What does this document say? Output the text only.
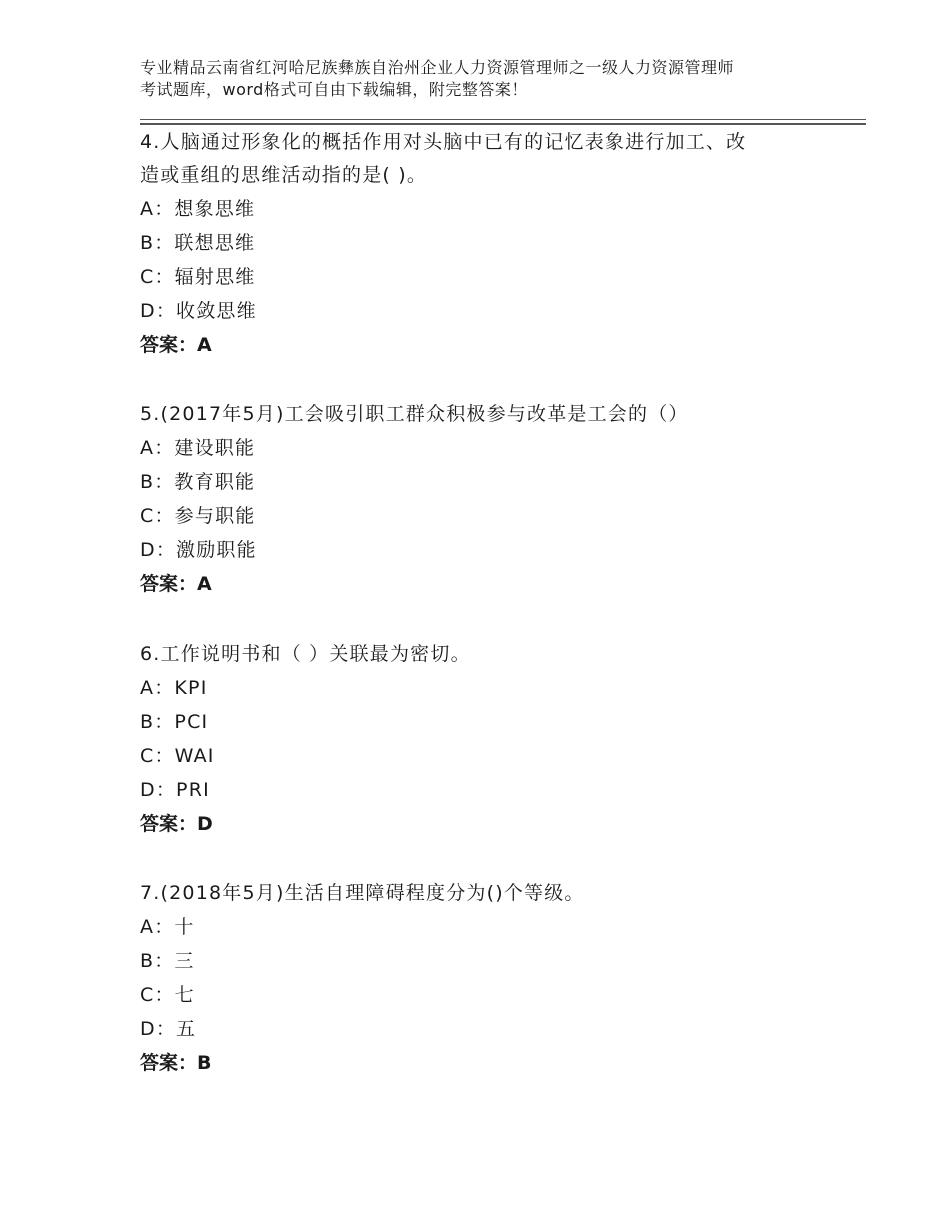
专业精品云南省红河哈尼族彝族自治州企业人力资源管理师之一级人力资源管理师
考试题库，word格式可自由下载编辑，附完整答案！

4.人脑通过形象化的概括作用对头脑中已有的记忆表象进行加工、改
造或重组的思维活动指的是( )。

A：想象思维
B：联想思维
C：辐射思维
D：收敛思维
答案：A

5.(2017年5月)工会吸引职工群众积极参与改革是工会的（）

A：建设职能
B：教育职能
C：参与职能
D：激励职能
答案：A

6.工作说明书和（ ）关联最为密切。

A：KPI
B：PCI
C：WAI
D：PRI
答案：D

7.(2018年5月)生活自理障碍程度分为()个等级。

A：十
B：三
C：七
D：五
答案：B
